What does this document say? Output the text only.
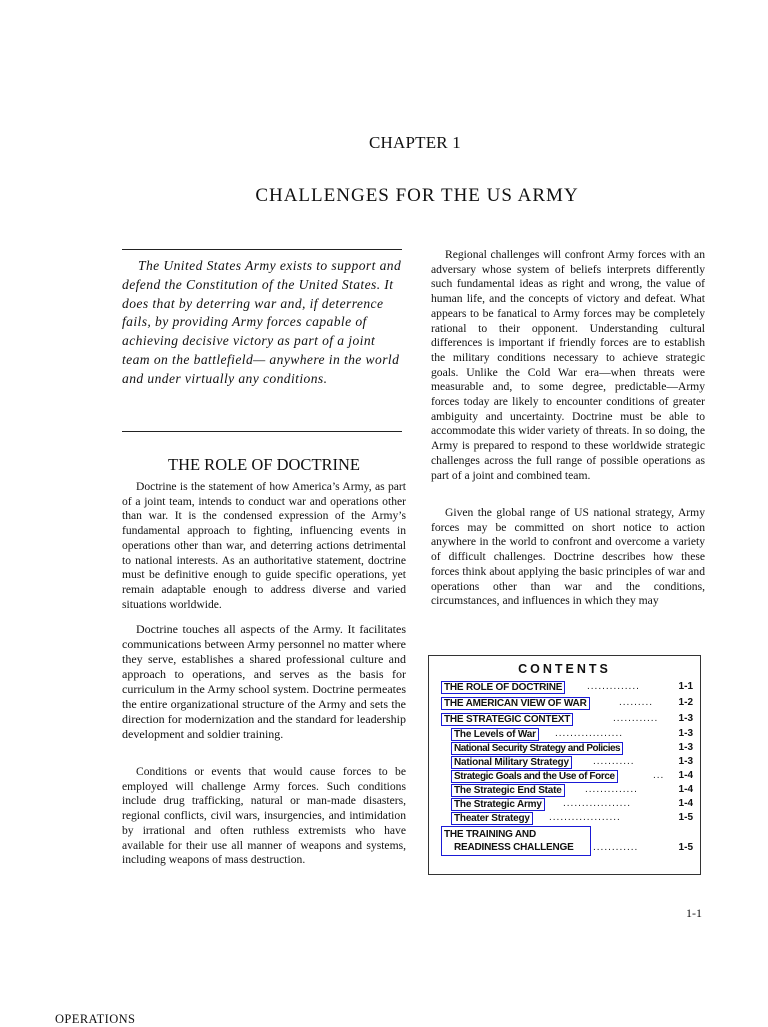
CHAPTER 1
CHALLENGES FOR THE US ARMY
The United States Army exists to support and defend the Constitution of the United States. It does that by deterring war and, if deterrence fails, by providing Army forces capable of achieving decisive victory as part of a joint team on the battlefield— anywhere in the world and under virtually any conditions.
THE ROLE OF DOCTRINE

Doctrine is the statement of how America’s Army, as part of a joint team, intends to conduct war and operations other than war. It is the condensed expression of the Army’s fundamental approach to fighting, influencing events in operations other than war, and deterring actions detrimental to national interests. As an authoritative statement, doctrine must be definitive enough to guide specific operations, yet remain adaptable enough to address diverse and varied situations worldwide.

Doctrine touches all aspects of the Army. It facilitates communications between Army personnel no matter where they serve, establishes a shared professional culture and approach to operations, and serves as the basis for curriculum in the Army school system. Doctrine permeates the entire organizational structure of the Army and sets the direction for modernization and the standard for leadership development and soldier training.

Conditions or events that would cause forces to be employed will challenge Army forces. Such conditions include drug trafficking, natural or man-made disasters, regional conflicts, civil wars, insurgencies, and intimidation by irrational and often ruthless extremists who have available for their use all manner of weapons and systems, including weapons of mass destruction.

Regional challenges will confront Army forces with an adversary whose system of beliefs interprets differently such fundamental ideas as right and wrong, the value of human life, and the concepts of victory and defeat. What appears to be fanatical to Army forces may be completely rational to their opponent. Understanding cultural differences is important if friendly forces are to establish the military conditions necessary to achieve strategic goals. Unlike the Cold War era—when threats were measurable and, to some degree, predictable—Army forces today are likely to encounter conditions of greater ambiguity and uncertainty. Doctrine must be able to accommodate this wider variety of threats. In so doing, the Army is prepared to respond to these worldwide strategic challenges across the full range of possible operations as part of a joint and combined team.

Given the global range of US national strategy, Army forces may be committed on short notice to action anywhere in the world to confront and overcome a variety of difficult challenges. Doctrine describes how these forces think about applying the basic principles of war and operations other than war and the conditions, circumstances, and influences in which they may

CONTENTS
THE ROLE OF DOCTRINE ..............	1-1
THE AMERICAN VIEW OF WAR	.........	1-2
THE STRATEGIC CONTEXT	............ 1-3
The Levels of War ..................	1-3
National Security Strategy and Policies	1-3
National Military Strategy ...........	1-3
Strategic Goals and the Use of Force	... 1-4
The Strategic End State ..............	1-4
The Strategic Army ..................	1-4
Theater Strategy ...................	1-5
THE TRAINING AND
READINESS CHALLENGE	............	1-5
1-1
OPERATIONS
